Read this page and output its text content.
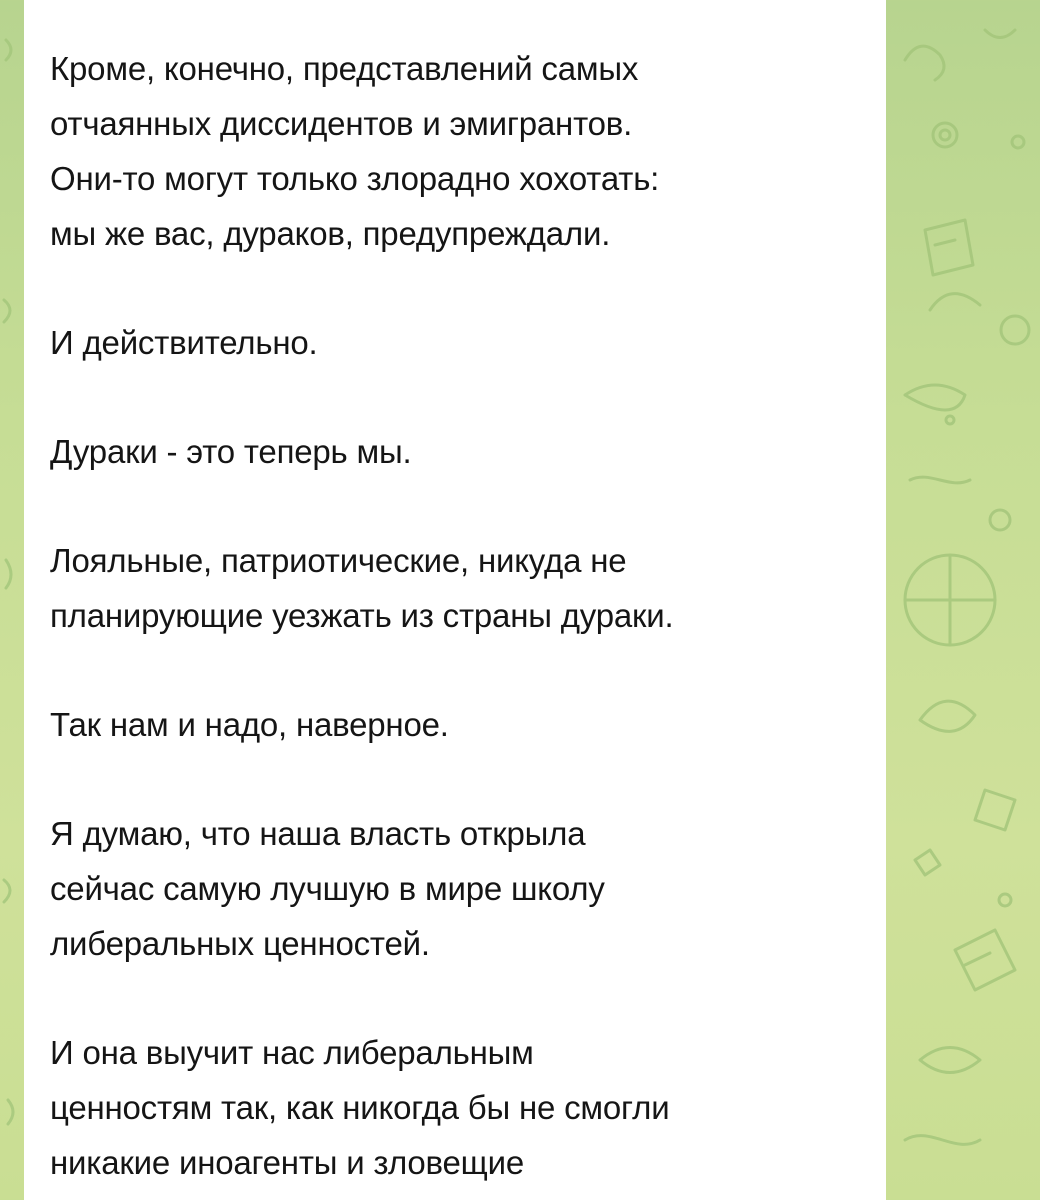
Кроме, конечно, представлений самых
отчаянных диссидентов и эмигрантов.
Они-то могут только злорадно хохотать:
мы же вас, дураков, предупреждали.
И действительно.
Дураки - это теперь мы.
Лояльные, патриотические, никуда не
планирующие уезжать из страны дураки.
Так нам и надо, наверное.
Я думаю, что наша власть открыла
сейчас самую лучшую в мире школу
либеральных ценностей.
И она выучит нас либеральным
ценностям так, как никогда бы не смогли
никакие иноагенты и зловещие
